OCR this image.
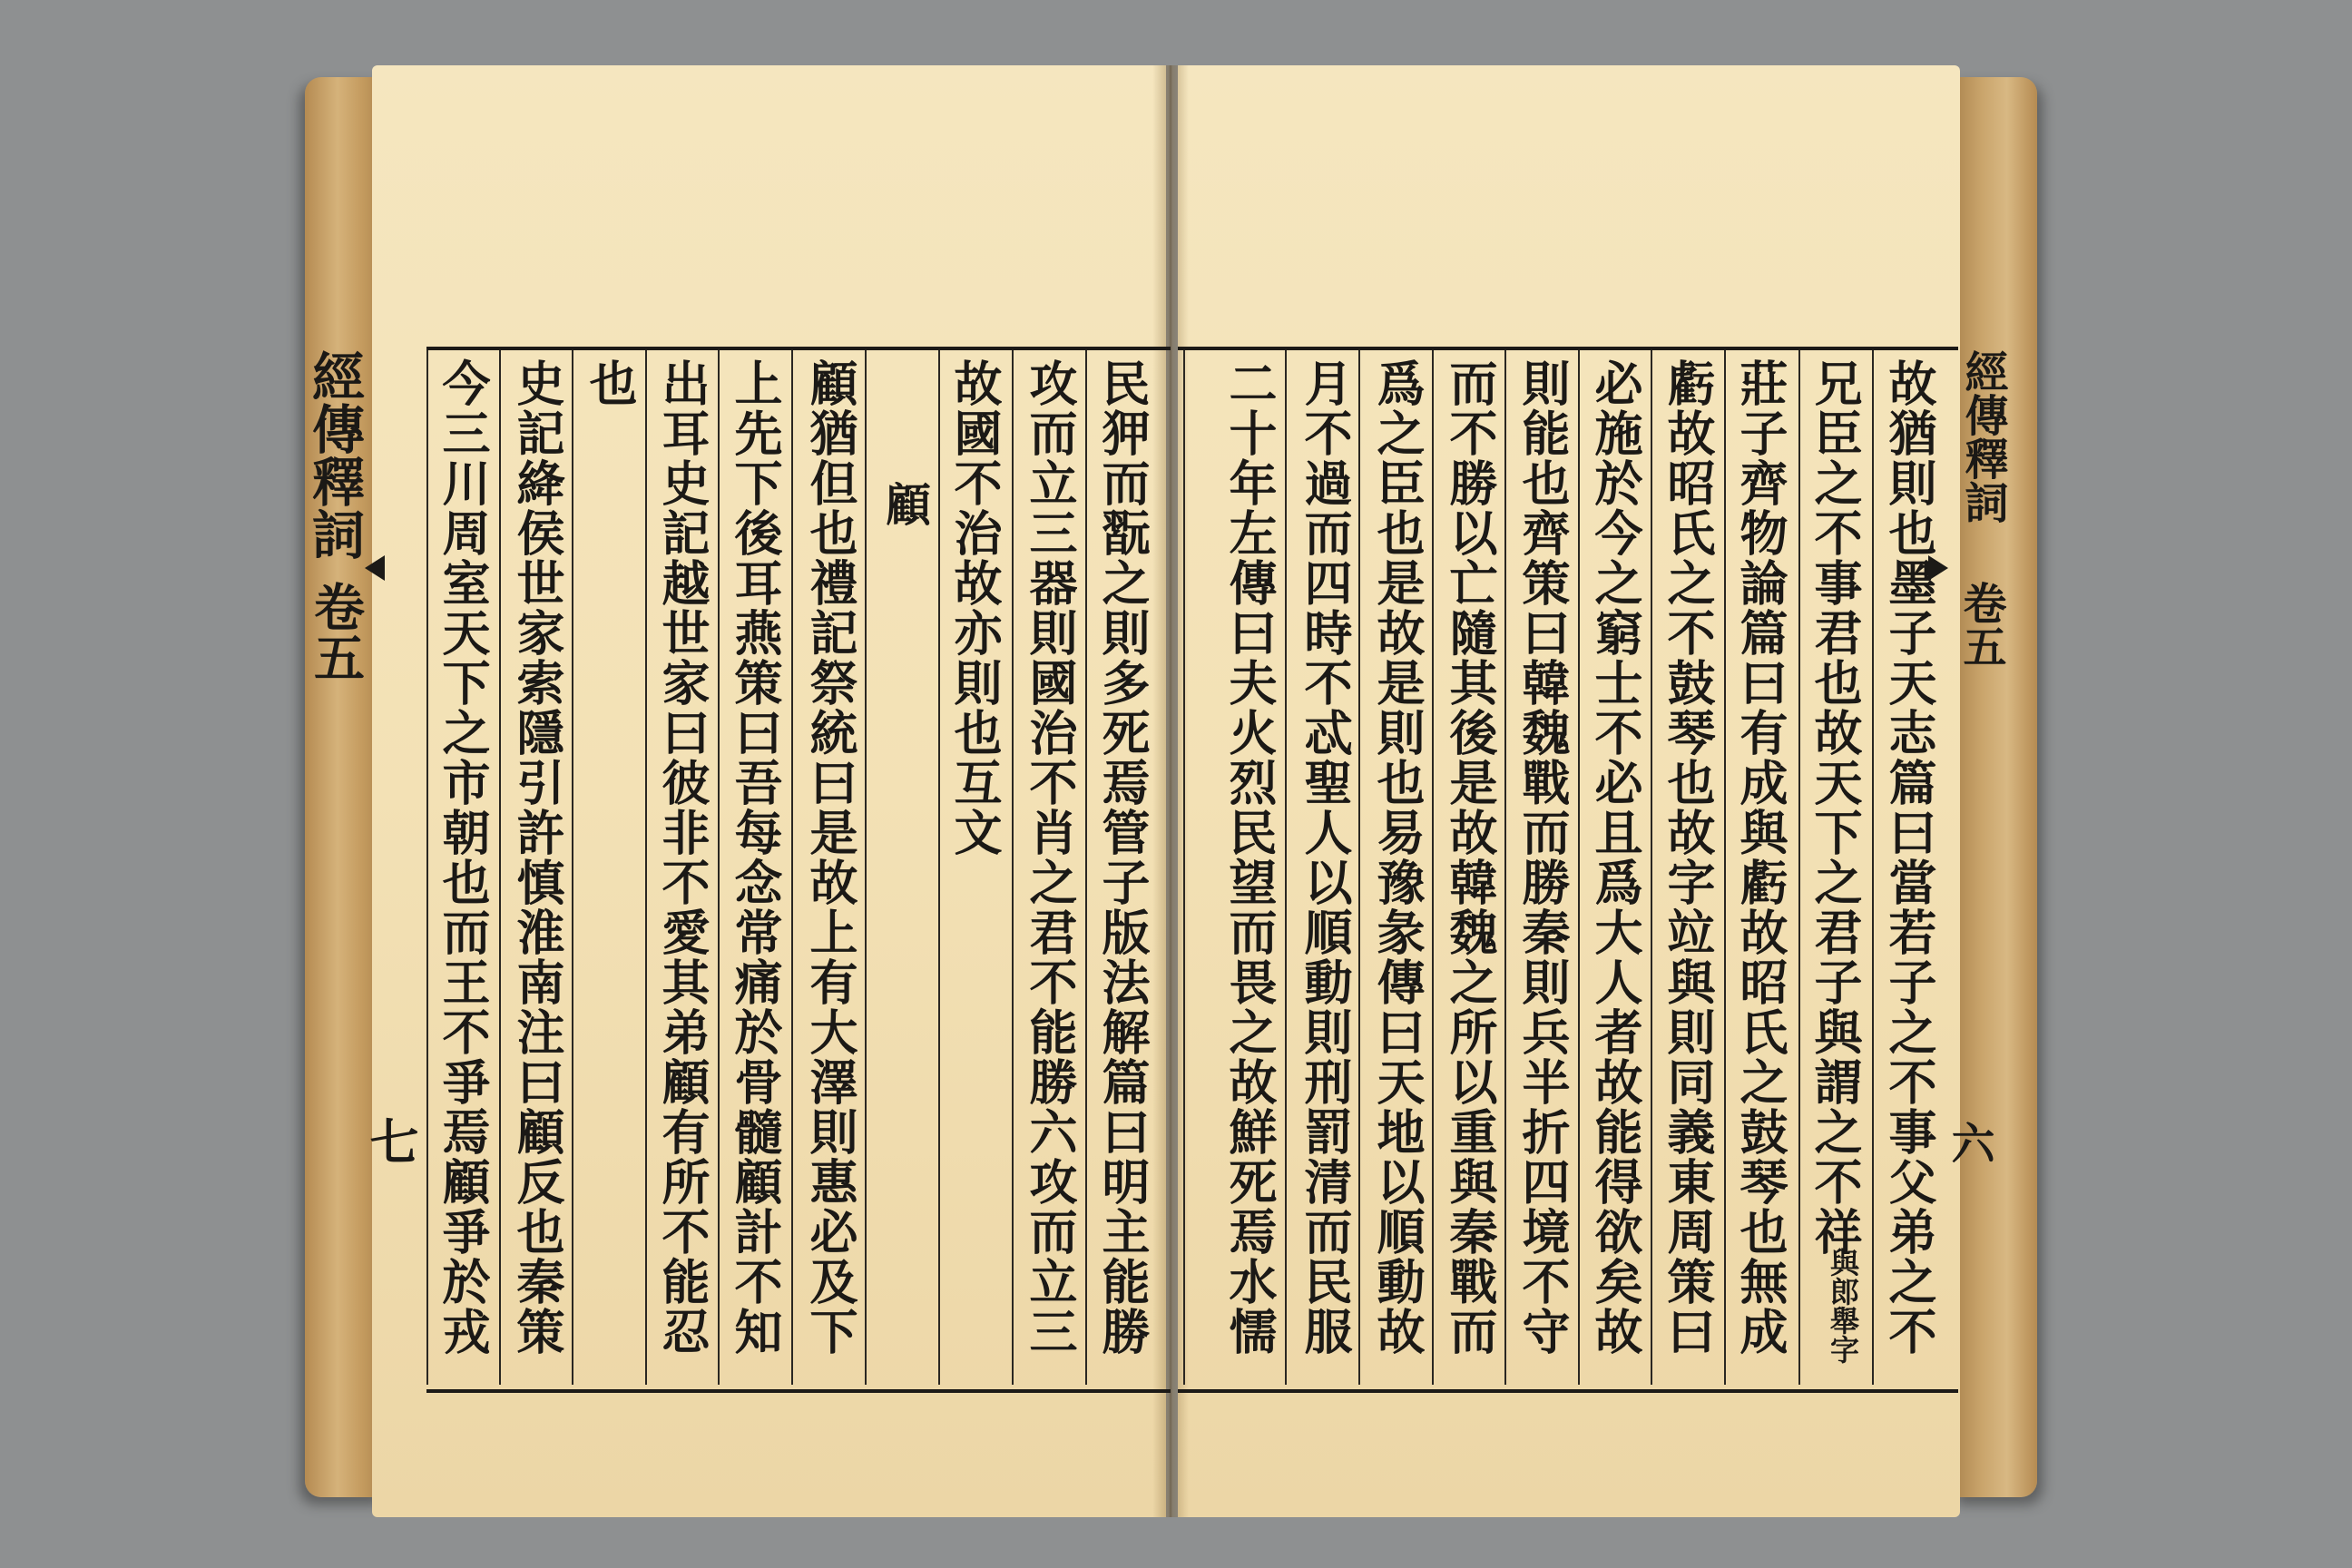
經傳釋詞
卷五
七
民狎而翫之則多死焉管子版法解篇曰明主能勝
攻而立三器則國治不肖之君不能勝六攻而立三
故國不治故亦則也互文
顧
顧猶但也禮記祭統曰是故上有大澤則惠必及下
上先下後耳燕策曰吾每念常痛於骨髓顧計不知
出耳史記越世家曰彼非不愛其弟顧有所不能忍
也
史記絳侯世家索隱引許慎淮南注曰顧反也秦策
今三川周室天下之市朝也而王不爭焉顧爭於戎
故猶則也墨子天志篇曰當若子之不事父弟之不
兄臣之不事君也故天下之君子與謂之不祥
與郎舉字
莊子齊物論篇曰有成與虧故昭氏之鼓琴也無成
虧故昭氏之不鼓琴也故字竝與則同義東周策曰
必施於今之窮士不必且爲大人者故能得欲矣故
則能也齊策曰韓魏戰而勝秦則兵半折四境不守
而不勝以亡隨其後是故韓魏之所以重與秦戰而
爲之臣也是故是則也易豫彖傳曰天地以順動故
月不過而四時不忒聖人以順動則刑罰清而民服
二十年左傳曰夫火烈民望而畏之故鮮死焉水懦
經傳釋詞
卷五
六
